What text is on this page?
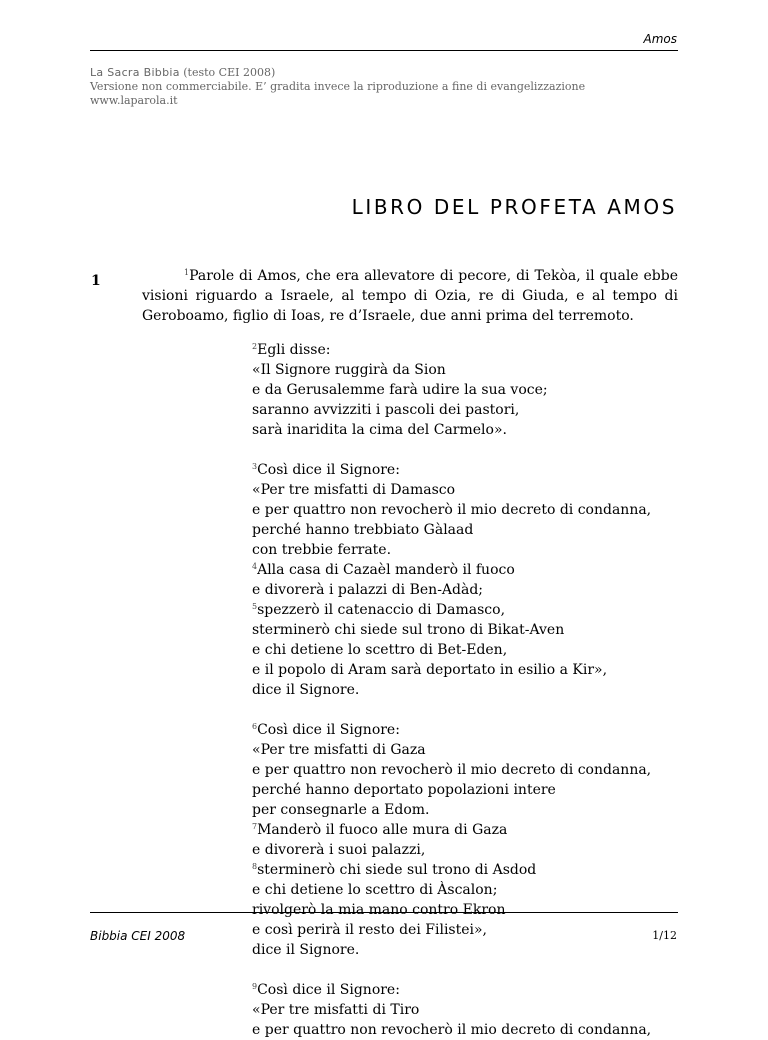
Amos
La Sacra Bibbia (testo CEI 2008)
Versione non commerciabile. E’ gradita invece la riproduzione a fine di evangelizzazione
www.laparola.it
LIBRO DEL PROFETA AMOS
1

$^1$Parole di Amos, che era allevatore di pecore, di Tekòa, il quale ebbe visioni riguardo a Israele, al tempo di Ozia, re di Giuda, e al tempo di Geroboamo, figlio di Ioas, re d’Israele, due anni prima del terremoto.

$^2$Egli disse:
«Il Signore ruggirà da Sion
e da Gerusalemme farà udire la sua voce;
saranno avvizziti i pascoli dei pastori,
sarà inaridita la cima del Carmelo».
$^3$Così dice il Signore:
«Per tre misfatti di Damasco
e per quattro non revocherò il mio decreto di condanna,
perché hanno trebbiato Gàlaad
con trebbie ferrate.
$^4$Alla casa di Cazaèl manderò il fuoco
e divorerà i palazzi di Ben-Adàd;
$^5$spezzerò il catenaccio di Damasco,
sterminerò chi siede sul trono di Bikat-Aven
e chi detiene lo scettro di Bet-Eden,
e il popolo di Aram sarà deportato in esilio a Kir»,
dice il Signore.
$^6$Così dice il Signore:
«Per tre misfatti di Gaza
e per quattro non revocherò il mio decreto di condanna,
perché hanno deportato popolazioni intere
per consegnarle a Edom.
$^7$Manderò il fuoco alle mura di Gaza
e divorerà i suoi palazzi,
$^8$sterminerò chi siede sul trono di Asdod
e chi detiene lo scettro di Àscalon;
rivolgerò la mia mano contro Ekron
e così perirà il resto dei Filistei»,
dice il Signore.
$^9$Così dice il Signore:
«Per tre misfatti di Tiro
e per quattro non revocherò il mio decreto di condanna,
Bibbia CEI 2008	1/12
